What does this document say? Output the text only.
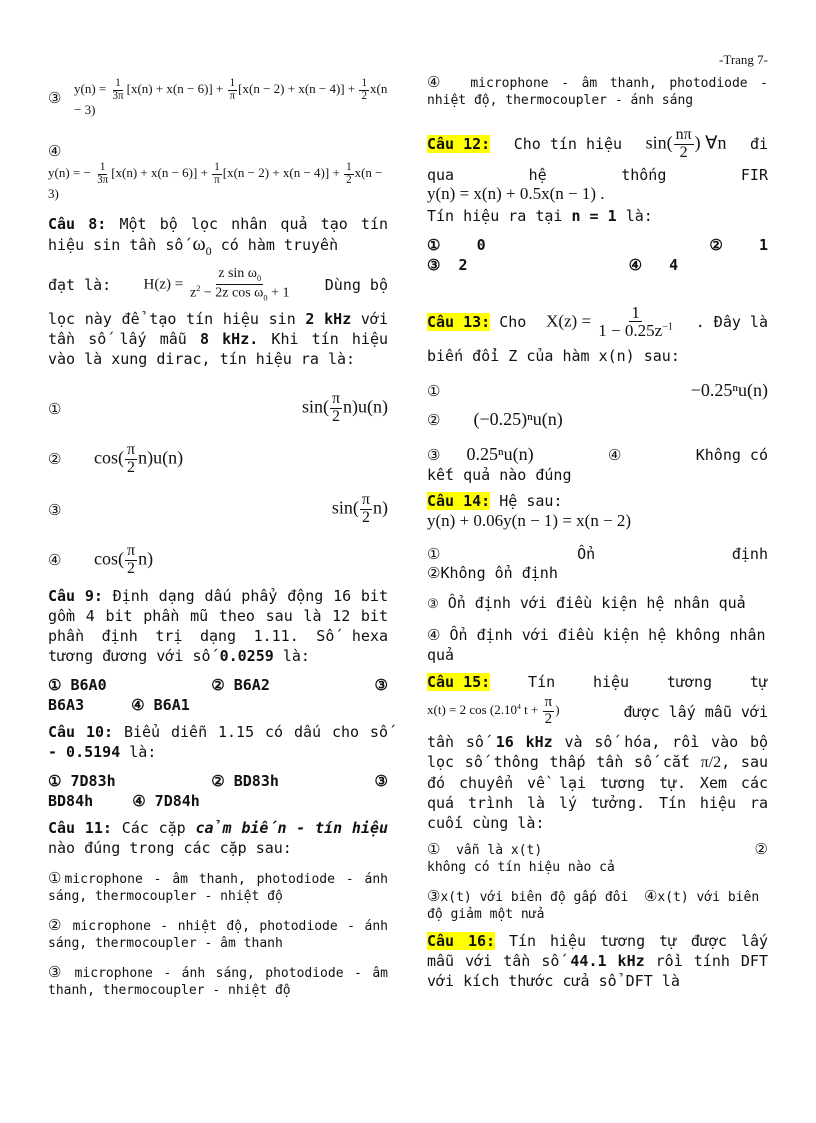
-Trang 7-
③
$y(n) = \frac{1}{3\pi} [x(n) + x(n - 6)] + \frac{1}{\pi} [x(n - 2) + x(n - 4)] + \frac{1}{2} x(n - 3)$
④
y(n) = − $\frac{1}{3\pi} [x(n) + x(n - 6)] + \frac{1}{\pi} [x(n - 2) + x(n - 4)] + \frac{1}{2} x(n - 3)$

Câu 8: Một bộ lọc nhân quả tạo tín hiệu sin tần số $\omega_0$ có hàm truyền

đạt là: $H(z) = \frac{z \sin \omega_0}{z^2 - 2z \cos \omega_0 + 1}$ Dùng bộ

lọc này để tạo tín hiệu sin 2 kHz với tần số lấy mẫu 8 kHz. Khi tín hiệu vào là xung dirac, tín hiệu ra là:

①	$\sin( \frac{\pi}{2} n)u(n)$
②	$\cos( \frac{\pi}{2} n)u(n)$
③	$\sin( \frac{\pi}{2} n)$
④	$\cos( \frac{\pi}{2} n)$

Câu 9: Định dạng dấu phẩy động 16 bit gồm 4 bit phần mũ theo sau là 12 bit phần định trị dạng 1.11. Số hexa tương đương với số 0.0259 là:

① B6A0	② B6A2	③
B6A3	④ B6A1

Câu 10: Biểu diễn 1.15 có dấu cho số - 0.5194 là:

① 7D83h	② BD83h	③
BD84h	④ 7D84h

Câu 11: Các cặp cảm biến - tín hiệu nào đúng trong các cặp sau:

①microphone - âm thanh, photodiode - ánh sáng, thermocoupler - nhiệt độ

② microphone - nhiệt độ, photodiode - ánh sáng, thermocoupler - âm thanh

③ microphone - ánh sáng, photodiode - âm thanh, thermocoupler - nhiệt độ

④ microphone - âm thanh, photodiode - nhiệt độ, thermocoupler - ánh sáng

Câu 12: Cho tín hiệu $\sin( \frac{n\pi}{2}$ ) ∀n đi
qua	hệ	thống	FIR
y(n) = x(n) + 0.5x(n − 1) .

Tín hiệu ra tại n = 1 là:

① 0	② 1
③ 2	④ 4
Câu 13: Cho $X(z) = \frac{1}{1 - 0.25z^{-1}}$ . Đây là

biến đổi Z của hàm x(n) sau:

①	−0.25ⁿu(n)
② (−0.25)ⁿu(n)
③ 0.25ⁿu(n)	④	Không có

kết quả nào đúng

Câu 14: Hệ sau:

y(n) + 0.06y(n − 1) = x(n − 2)
①	Ổn	định

②Không ổn định

③ Ổn định với điều kiện hệ nhân quả

④ Ổn định với điều kiện hệ không nhân quả

Câu 15:	Tín	hiệu	tương	tự
x(t) = 2 cos (2.10$^4$ $t + \frac{\pi}{2}$ )	được lấy mẫu với

tần số 16 kHz và số hóa, rồi vào bộ lọc số thông thấp tần số cắt π/2, sau đó chuyển về lại tương tự. Xem các quá trình là lý tưởng. Tín hiệu ra cuối cùng là:

① vẫn là x(t)	②

không có tín hiệu nào cả

③x(t) với biên độ gấp đôi ④x(t) với biên độ giảm một nửa

Câu 16: Tín hiệu tương tự được lấy mẫu với tần số 44.1 kHz rồi tính DFT với kích thước cửa sổ DFT là
